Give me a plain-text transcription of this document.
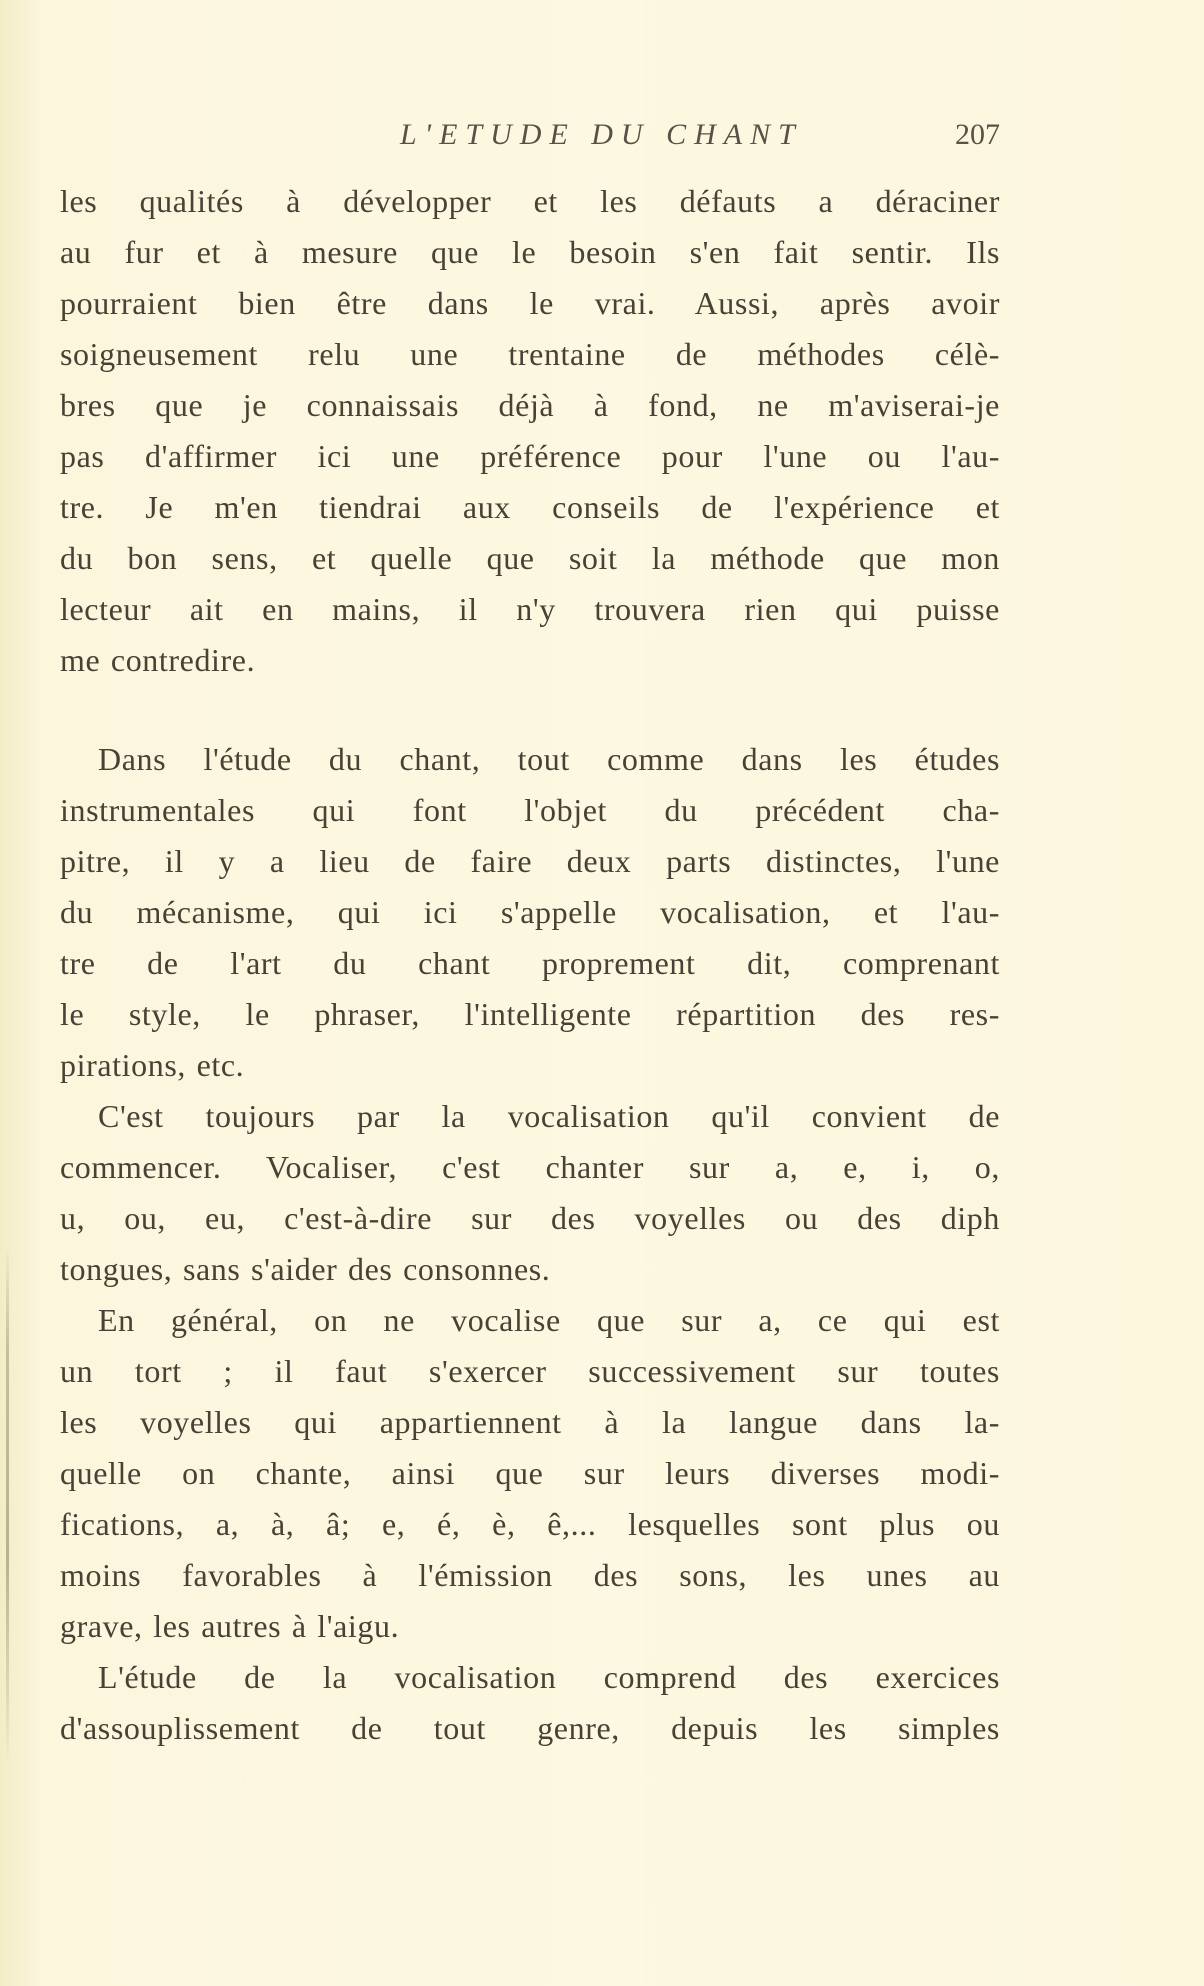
L'ETUDE DU CHANT	207
les qualités à développer et les défauts a déraciner
au fur et à mesure que le besoin s'en fait sentir. Ils
pourraient bien être dans le vrai. Aussi, après avoir
soigneusement relu une trentaine de méthodes célè-
bres que je connaissais déjà à fond, ne m'aviserai-je
pas d'affirmer ici une préférence pour l'une ou l'au-
tre. Je m'en tiendrai aux conseils de l'expérience et
du bon sens, et quelle que soit la méthode que mon
lecteur ait en mains, il n'y trouvera rien qui puisse
me contredire.
Dans l'étude du chant, tout comme dans les études
instrumentales qui font l'objet du précédent cha-
pitre, il y a lieu de faire deux parts distinctes, l'une
du mécanisme, qui ici s'appelle vocalisation, et l'au-
tre de l'art du chant proprement dit, comprenant
le style, le phraser, l'intelligente répartition des res-
pirations, etc.
C'est toujours par la vocalisation qu'il convient de
commencer. Vocaliser, c'est chanter sur a, e, i, o,
u, ou, eu, c'est-à-dire sur des voyelles ou des diph
tongues, sans s'aider des consonnes.
En général, on ne vocalise que sur a, ce qui est
un tort ; il faut s'exercer successivement sur toutes
les voyelles qui appartiennent à la langue dans la-
quelle on chante, ainsi que sur leurs diverses modi-
fications, a, à, â; e, é, è, ê,... lesquelles sont plus ou
moins favorables à l'émission des sons, les unes au
grave, les autres à l'aigu.
L'étude de la vocalisation comprend des exercices
d'assouplissement de tout genre, depuis les simples
